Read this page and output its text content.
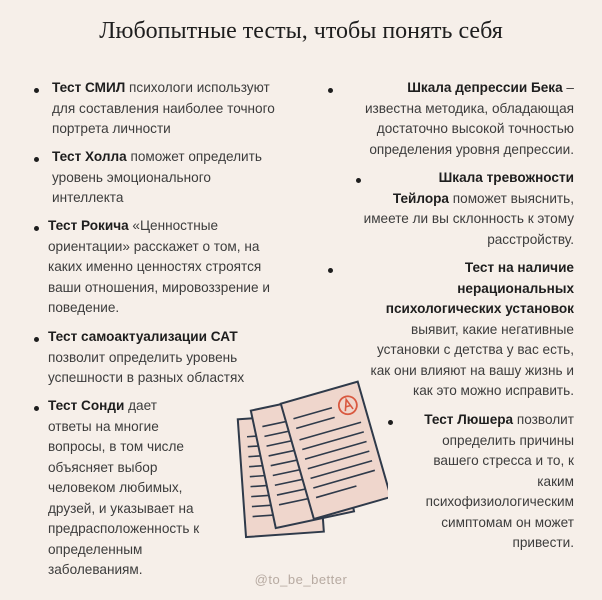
Любопытные тесты, чтобы понять себя
Тест СМИЛ психологи используют
для составления наиболее точного
портрета личности
Тест Холла поможет определить
уровень эмоционального
интеллекта
Тест Рокича «Ценностные
ориентации» расскажет о том, на
каких именно ценностях строятся
ваши отношения, мировоззрение и
поведение.
Тест самоактуализации САТ
позволит определить уровень
успешности в разных областях
Тест Сонди дает
ответы на многие
вопросы, в том числе
объясняет выбор
человеком любимых,
друзей, и указывает на
предрасположенность к
определенным
заболеваниям.
Шкала депрессии Бека –
известна методика, обладающая
достаточно высокой точностью
определения уровня депрессии.
Шкала тревожности
Тейлора поможет выяснить,
имеете ли вы склонность к этому
расстройству.
Тест на наличие
нерациональных
психологических установок
выявит, какие негативные
установки с детства у вас есть,
как они влияют на вашу жизнь и
как это можно исправить.
Тест Люшера позволит
определить причины
вашего стресса и то, к
каким
психофизиологическим
симптомам он может
привести.
@to_be_better
